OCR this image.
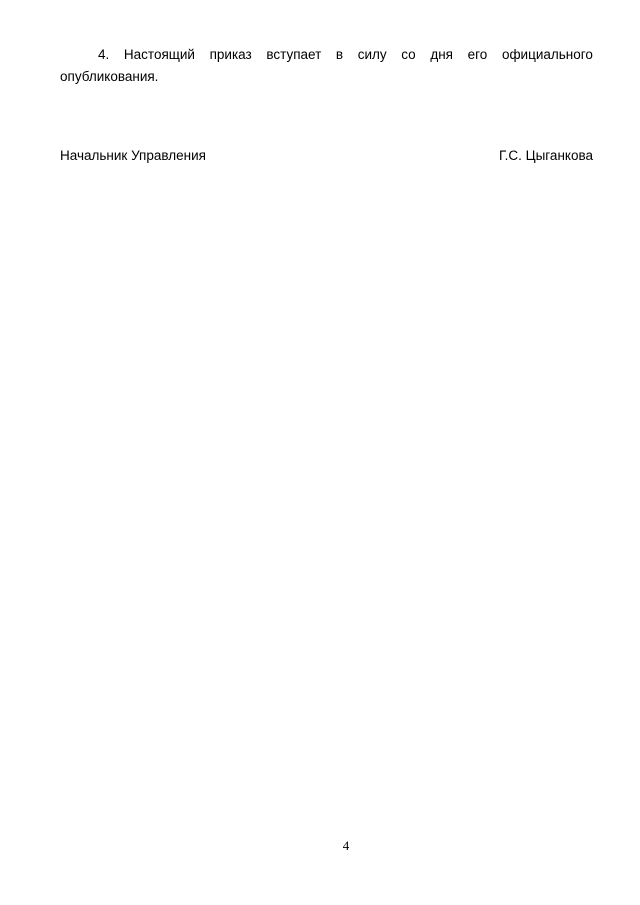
4. Настоящий приказ вступает в силу со дня его официального
опубликования.
Начальник Управления	Г.С. Цыганкова
4
